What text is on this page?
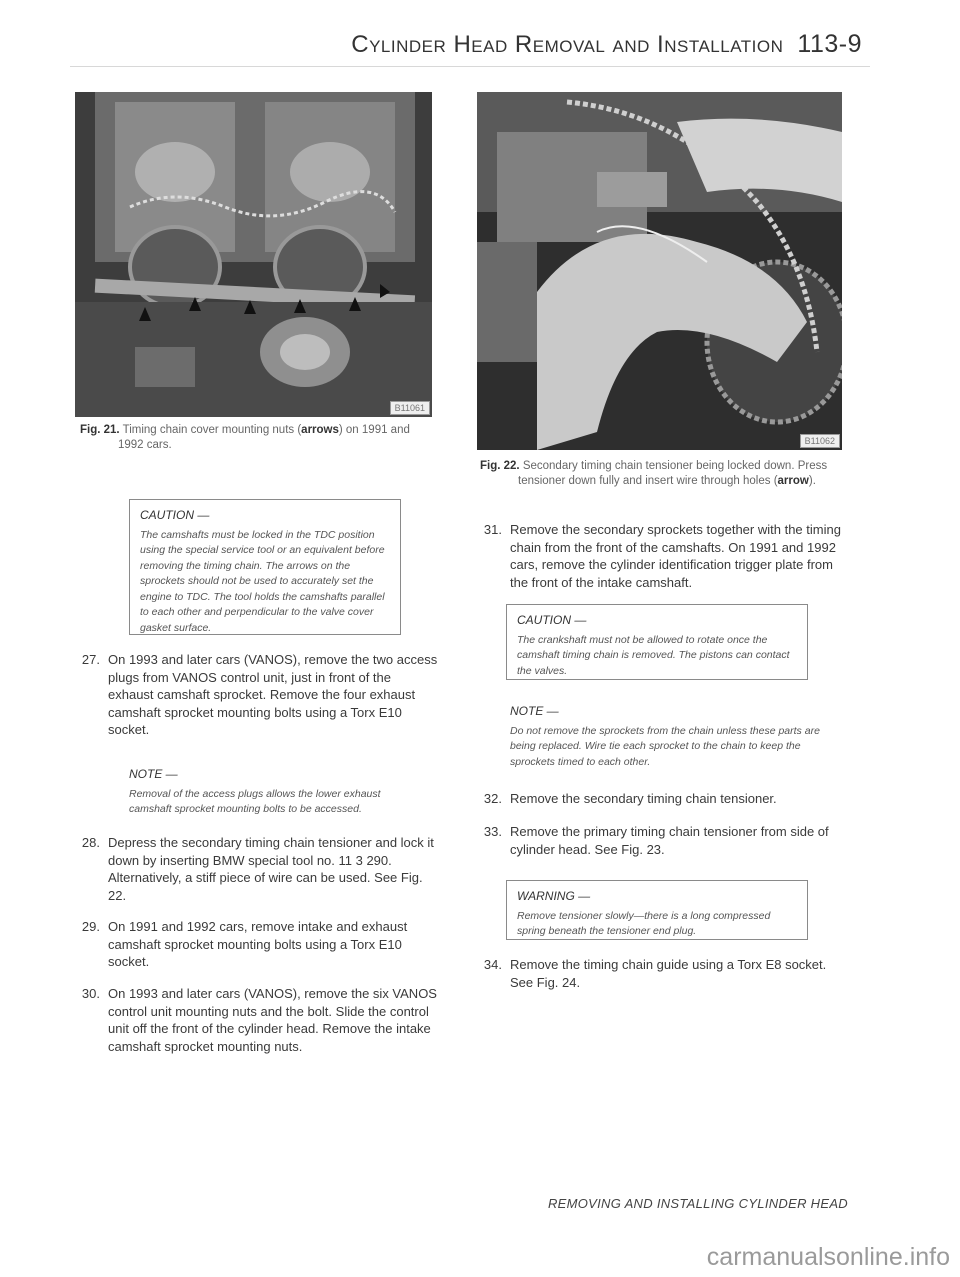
Cylinder Head Removal and Installation 113-9
B11061
Fig. 21. Timing chain cover mounting nuts (arrows) on 1991 and
1992 cars.	B11062
Fig. 22. Secondary timing chain tensioner being locked down. Press
tensioner down fully and insert wire through holes (arrow).
CAUTION —
The camshafts must be locked in the TDC position using the special service tool or an equivalent before removing the timing chain. The arrows on the sprockets should not be used to accurately set the engine to TDC. The tool holds the camshafts parallel to each other and perpendicular to the valve cover gasket surface.
27. On 1993 and later cars (VANOS), remove the two access plugs from VANOS control unit, just in front of the exhaust camshaft sprocket. Remove the four exhaust camshaft sprocket mounting bolts using a Torx E10 socket.
NOTE —
Removal of the access plugs allows the lower exhaust camshaft sprocket mounting bolts to be accessed.
28. Depress the secondary timing chain tensioner and lock it down by inserting BMW special tool no. 11 3 290. Alternatively, a stiff piece of wire can be used. See Fig. 22.
29. On 1991 and 1992 cars, remove intake and exhaust camshaft sprocket mounting bolts using a Torx E10 socket.
30. On 1993 and later cars (VANOS), remove the six VANOS control unit mounting nuts and the bolt. Slide the control unit off the front of the cylinder head. Remove the intake camshaft sprocket mounting nuts.
31. Remove the secondary sprockets together with the timing chain from the front of the camshafts. On 1991 and 1992 cars, remove the cylinder identification trigger plate from the front of the intake camshaft.
CAUTION —
The crankshaft must not be allowed to rotate once the camshaft timing chain is removed. The pistons can contact the valves.
NOTE —
Do not remove the sprockets from the chain unless these parts are being replaced. Wire tie each sprocket to the chain to keep the sprockets timed to each other.
32. Remove the secondary timing chain tensioner.
33. Remove the primary timing chain tensioner from side of cylinder head. See Fig. 23.
WARNING —
Remove tensioner slowly—there is a long compressed spring beneath the tensioner end plug.
34. Remove the timing chain guide using a Torx E8 socket. See Fig. 24.
REMOVING AND INSTALLING CYLINDER HEAD
carmanualsonline.info
